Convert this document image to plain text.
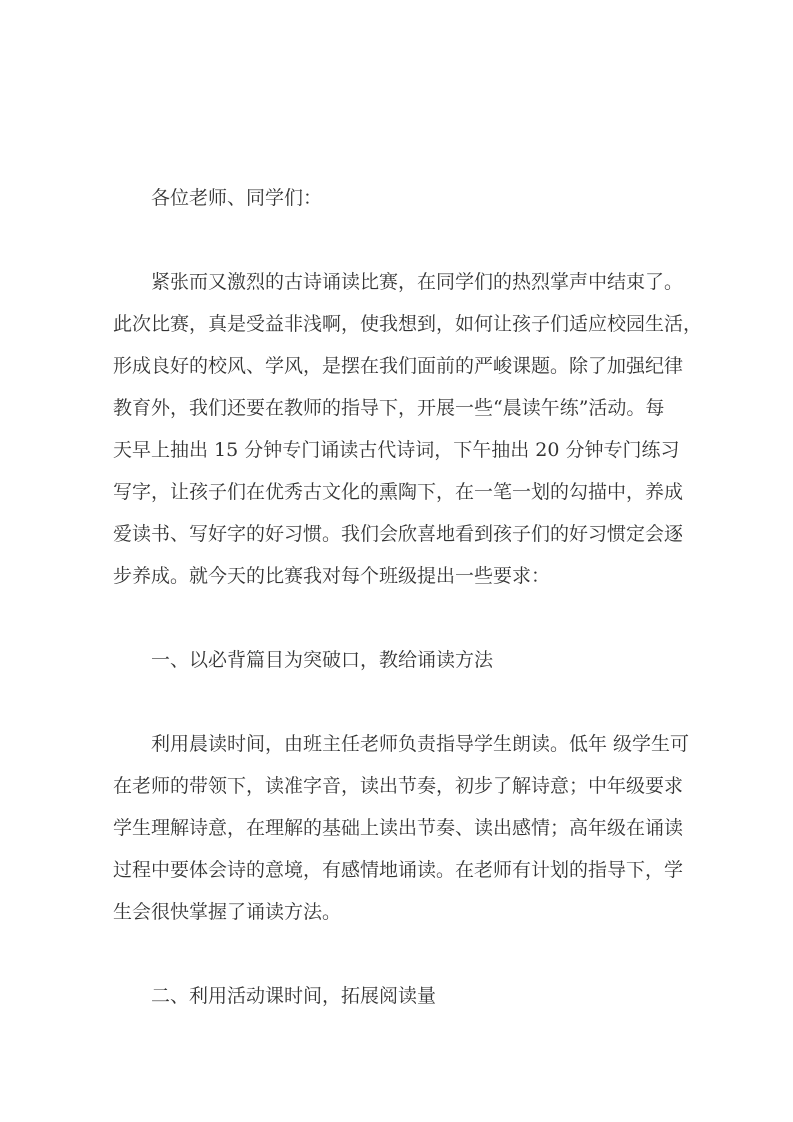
各位老师、同学们：

紧张而又激烈的古诗诵读比赛，在同学们的热烈掌声中结束了。

此次比赛，真是受益非浅啊，使我想到，如何让孩子们适应校园生活，

形成良好的校风、学风，是摆在我们面前的严峻课题。除了加强纪律

教育外，我们还要在教师的指导下，开展一些“晨读午练”活动。每

天早上抽出 15 分钟专门诵读古代诗词，下午抽出 20 分钟专门练习

写字，让孩子们在优秀古文化的熏陶下，在一笔一划的勾描中，养成

爱读书、写好字的好习惯。我们会欣喜地看到孩子们的好习惯定会逐

步养成。就今天的比赛我对每个班级提出一些要求：

一、以必背篇目为突破口，教给诵读方法

利用晨读时间，由班主任老师负责指导学生朗读。低年 级学生可

在老师的带领下，读准字音，读出节奏，初步了解诗意；中年级要求

学生理解诗意，在理解的基础上读出节奏、读出感情；高年级在诵读

过程中要体会诗的意境，有感情地诵读。在老师有计划的指导下，学

生会很快掌握了诵读方法。

二、利用活动课时间，拓展阅读量
